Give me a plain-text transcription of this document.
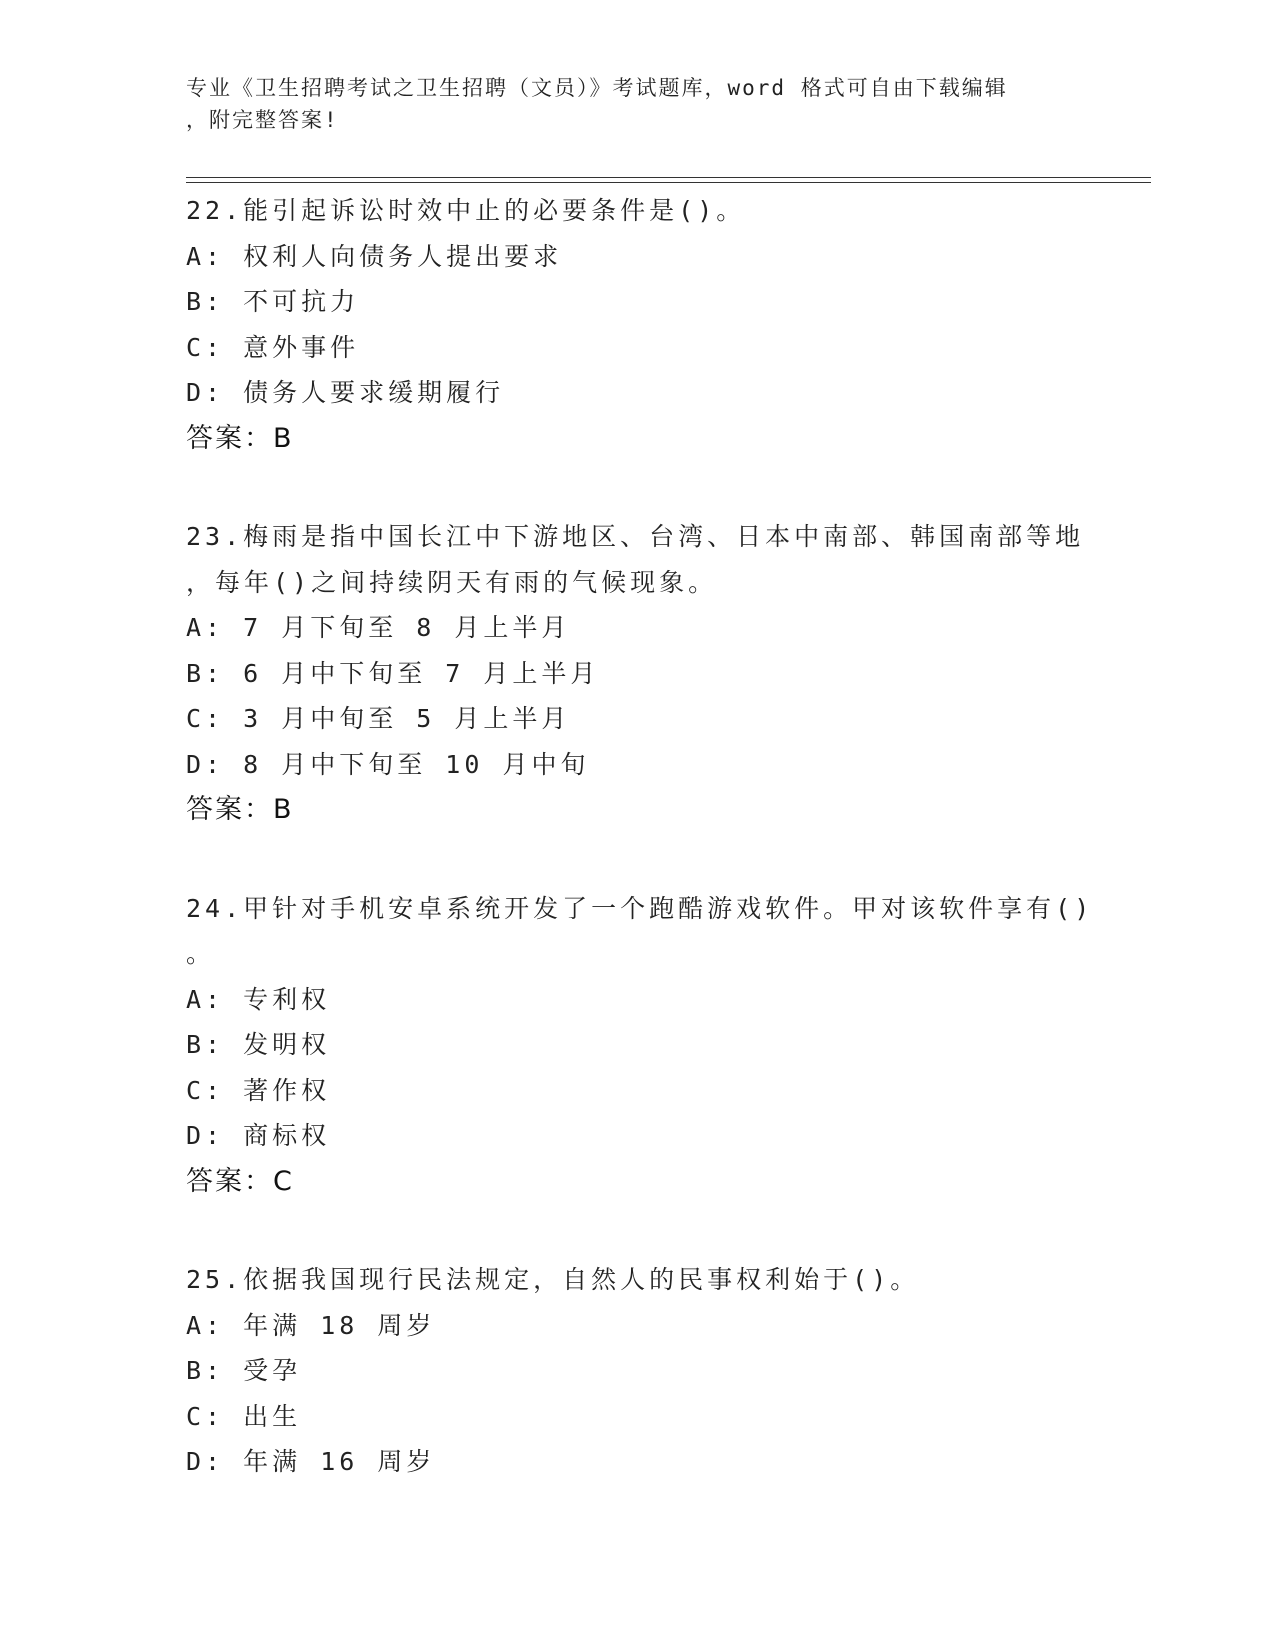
专业《卫生招聘考试之卫生招聘（文员）》考试题库，word 格式可自由下载编辑
，附完整答案!
22.能引起诉讼时效中止的必要条件是()。
A: 权利人向债务人提出要求
B: 不可抗力
C: 意外事件
D: 债务人要求缓期履行
答案：B
23.梅雨是指中国长江中下游地区、台湾、日本中南部、韩国南部等地
，每年()之间持续阴天有雨的气候现象。
A: 7 月下旬至 8 月上半月
B: 6 月中下旬至 7 月上半月
C: 3 月中旬至 5 月上半月
D: 8 月中下旬至 10 月中旬
答案：B
24.甲针对手机安卓系统开发了一个跑酷游戏软件。甲对该软件享有()
。
A: 专利权
B: 发明权
C: 著作权
D: 商标权
答案：C
25.依据我国现行民法规定，自然人的民事权利始于()。
A: 年满 18 周岁
B: 受孕
C: 出生
D: 年满 16 周岁
